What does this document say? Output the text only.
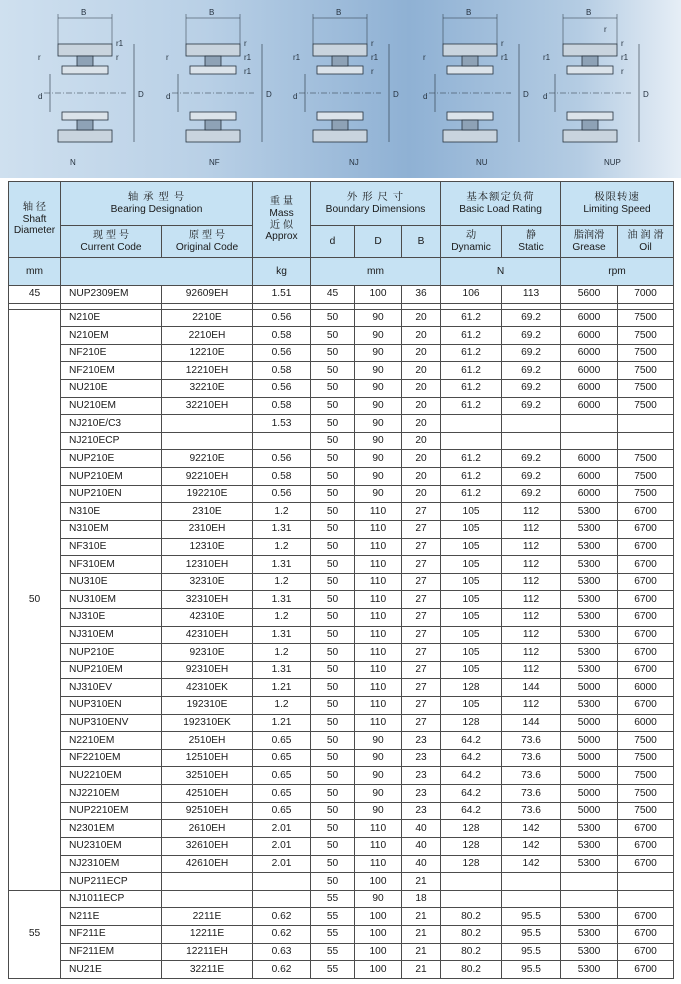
B
r1
r
r
d	D
N
B
r
r1
r
r1
d	D
NF
B
r
r1
r1
r
d	D
NJ
B
r
r1
r
d	D
NU
B
r
r1
r1
r
r
d	D
NUP
轴 径
Shaft
Diameter	轴 承 型 号
Bearing Designation		重 量
Mass
近 似
Approx	外 形 尺 寸
Boundary Dimensions			基本额定负荷
Basic Load Rating		极限转速
Limiting Speed	

	现 型 号
Current Code	原 型 号
Original Code		d	D	B	动
Dynamic	静
Static	脂润滑
Grease	油 润 滑
Oil
mm			kg	mm			N		rpm	
45	NUP2309EM	92609EH	1.51	45	100	36	106	113	5600	7000

50	N210E	2210E	0.56	50	90	20	61.2	69.2	6000	7500
	N210EM	2210EH	0.58	50	90	20	61.2	69.2	6000	7500
	NF210E	12210E	0.56	50	90	20	61.2	69.2	6000	7500
	NF210EM	12210EH	0.58	50	90	20	61.2	69.2	6000	7500
	NU210E	32210E	0.56	50	90	20	61.2	69.2	6000	7500
	NU210EM	32210EH	0.58	50	90	20	61.2	69.2	6000	7500
	NJ210E/C3		1.53	50	90	20				
	NJ210ECP			50	90	20				
	NUP210E	92210E	0.56	50	90	20	61.2	69.2	6000	7500
	NUP210EM	92210EH	0.58	50	90	20	61.2	69.2	6000	7500
	NUP210EN	192210E	0.56	50	90	20	61.2	69.2	6000	7500
	N310E	2310E	1.2	50	110	27	105	112	5300	6700
	N310EM	2310EH	1.31	50	110	27	105	112	5300	6700
	NF310E	12310E	1.2	50	110	27	105	112	5300	6700
	NF310EM	12310EH	1.31	50	110	27	105	112	5300	6700
	NU310E	32310E	1.2	50	110	27	105	112	5300	6700
	NU310EM	32310EH	1.31	50	110	27	105	112	5300	6700
	NJ310E	42310E	1.2	50	110	27	105	112	5300	6700
	NJ310EM	42310EH	1.31	50	110	27	105	112	5300	6700
	NUP210E	92310E	1.2	50	110	27	105	112	5300	6700
	NUP210EM	92310EH	1.31	50	110	27	105	112	5300	6700
	NJ310EV	42310EK	1.21	50	110	27	128	144	5000	6000
	NUP310EN	192310E	1.2	50	110	27	105	112	5300	6700
	NUP310ENV	192310EK	1.21	50	110	27	128	144	5000	6000
	N2210EM	2510EH	0.65	50	90	23	64.2	73.6	5000	7500
	NF2210EM	12510EH	0.65	50	90	23	64.2	73.6	5000	7500
	NU2210EM	32510EH	0.65	50	90	23	64.2	73.6	5000	7500
	NJ2210EM	42510EH	0.65	50	90	23	64.2	73.6	5000	7500
	NUP2210EM	92510EH	0.65	50	90	23	64.2	73.6	5000	7500
	N2301EM	2610EH	2.01	50	110	40	128	142	5300	6700
	NU2310EM	32610EH	2.01	50	110	40	128	142	5300	6700
	NJ2310EM	42610EH	2.01	50	110	40	128	142	5300	6700
	NUP211ECP			50	100	21				
55	NJ1011ECP			55	90	18				
	N211E	2211E	0.62	55	100	21	80.2	95.5	5300	6700
	NF211E	12211E	0.62	55	100	21	80.2	95.5	5300	6700
	NF211EM	12211EH	0.63	55	100	21	80.2	95.5	5300	6700
	NU21E	32211E	0.62	55	100	21	80.2	95.5	5300	6700
